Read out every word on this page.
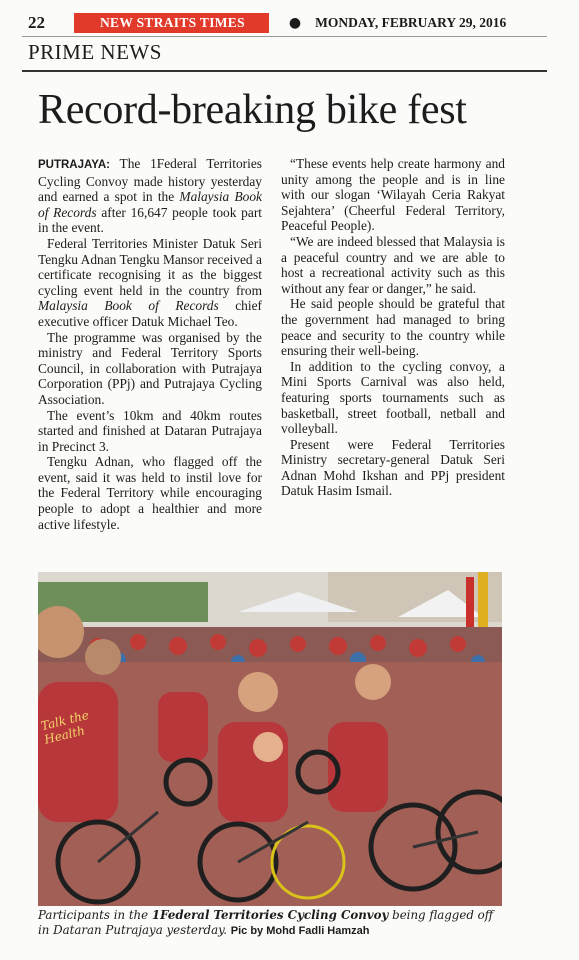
22	NEW STRAITS TIMES	● MONDAY, FEBRUARY 29, 2016
PRIME NEWS
Record-breaking bike fest

PUTRAJAYA: The 1Federal Territories Cycling Convoy made history yesterday and earned a spot in the Malaysia Book of Records after 16,647 people took part in the event.

Federal Territories Minister Datuk Seri Tengku Adnan Tengku Mansor received a certificate recognising it as the biggest cycling event held in the country from Malaysia Book of Records chief executive officer Datuk Michael Teo.

The programme was organised by the ministry and Federal Territory Sports Council, in collaboration with Putrajaya Corporation (PPj) and Putrajaya Cycling Association.

The event’s 10km and 40km routes started and finished at Dataran Putrajaya in Precinct 3.

Tengku Adnan, who flagged off the event, said it was held to instil love for the Federal Territory while encouraging people to adopt a healthier and more active lifestyle.

“These events help create harmony and unity among the people and is in line with our slogan ‘Wilayah Ceria Rakyat Sejahtera’ (Cheerful Federal Territory, Peaceful People).

“We are indeed blessed that Malaysia is a peaceful country and we are able to host a recreational activity such as this without any fear or danger,” he said.

He said people should be grateful that the government had managed to bring peace and security to the country while ensuring their well-being.

In addition to the cycling convoy, a Mini Sports Carnival was also held, featuring sports tournaments such as basketball, street football, netball and volleyball.

Present were Federal Territories Ministry secretary-general Datuk Seri Adnan Mohd Ikshan and PPj president Datuk Hasim Ismail.

Talk the Health
Participants in the 1Federal Territories Cycling Convoy being flagged off in Dataran Putrajaya yesterday. Pic by Mohd Fadli Hamzah
